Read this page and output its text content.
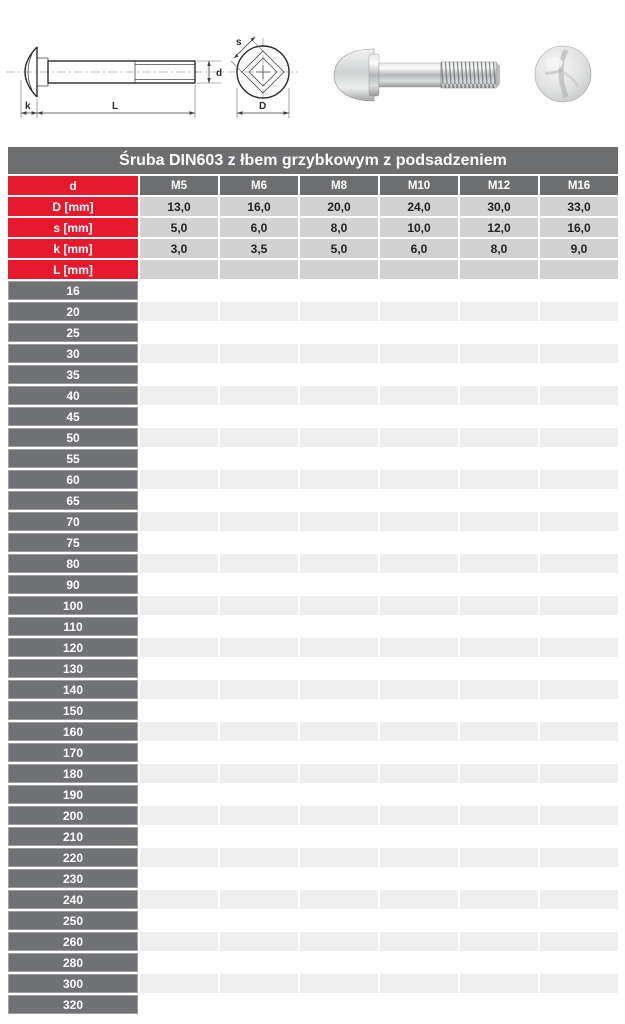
d
k	L
s
D
Śruba DIN603 z łbem grzybkowym z podsadzeniem
d	M5	M6	M8	M10	M12	M16
D [mm]	13,0	16,0	20,0	24,0	30,0	33,0
s [mm]	5,0	6,0	8,0	10,0	12,0	16,0
k [mm]	3,0	3,5	5,0	6,0	8,0	9,0
L [mm]						
16						
20						
25						
30						
35						
40						
45						
50						
55						
60						
65						
70						
75						
80						
90						
100						
110						
120						
130						
140						
150						
160						
170						
180						
190						
200						
210						
220						
230						
240						
250						
260						
280						
300						
320						
